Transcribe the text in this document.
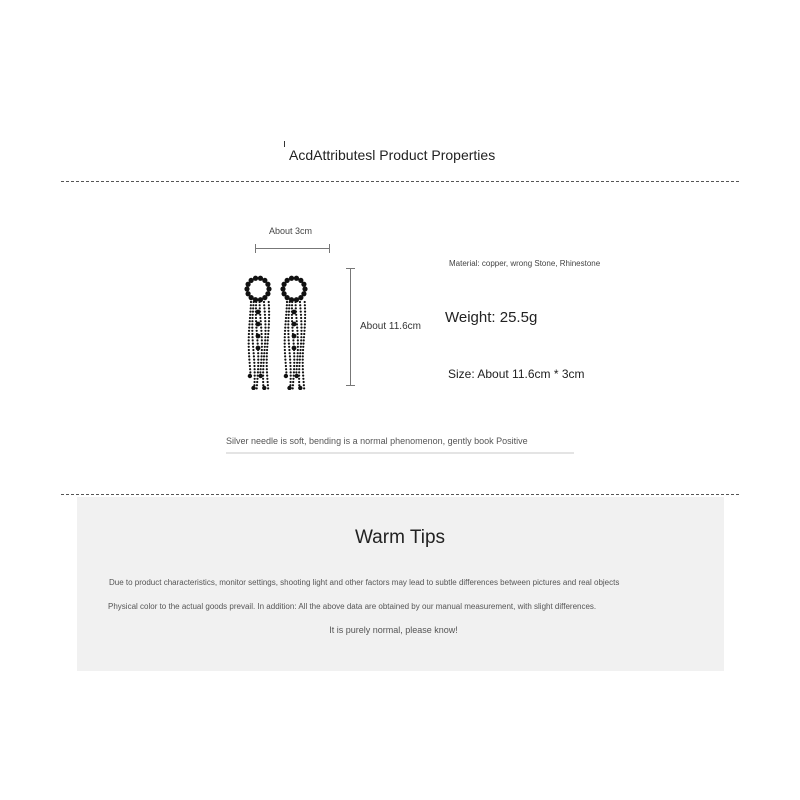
AcdAttributesl Product Properties
About 3cm
About 11.6cm
Material: copper, wrong Stone, Rhinestone
Weight: 25.5g
Size: About 11.6cm * 3cm
Silver needle is soft, bending is a normal phenomenon, gently book Positive
Warm Tips
Due to product characteristics, monitor settings, shooting light and other factors may lead to subtle differences between pictures and real objects
Physical color to the actual goods prevail. In addition: All the above data are obtained by our manual measurement, with slight differences.
It is purely normal, please know!
